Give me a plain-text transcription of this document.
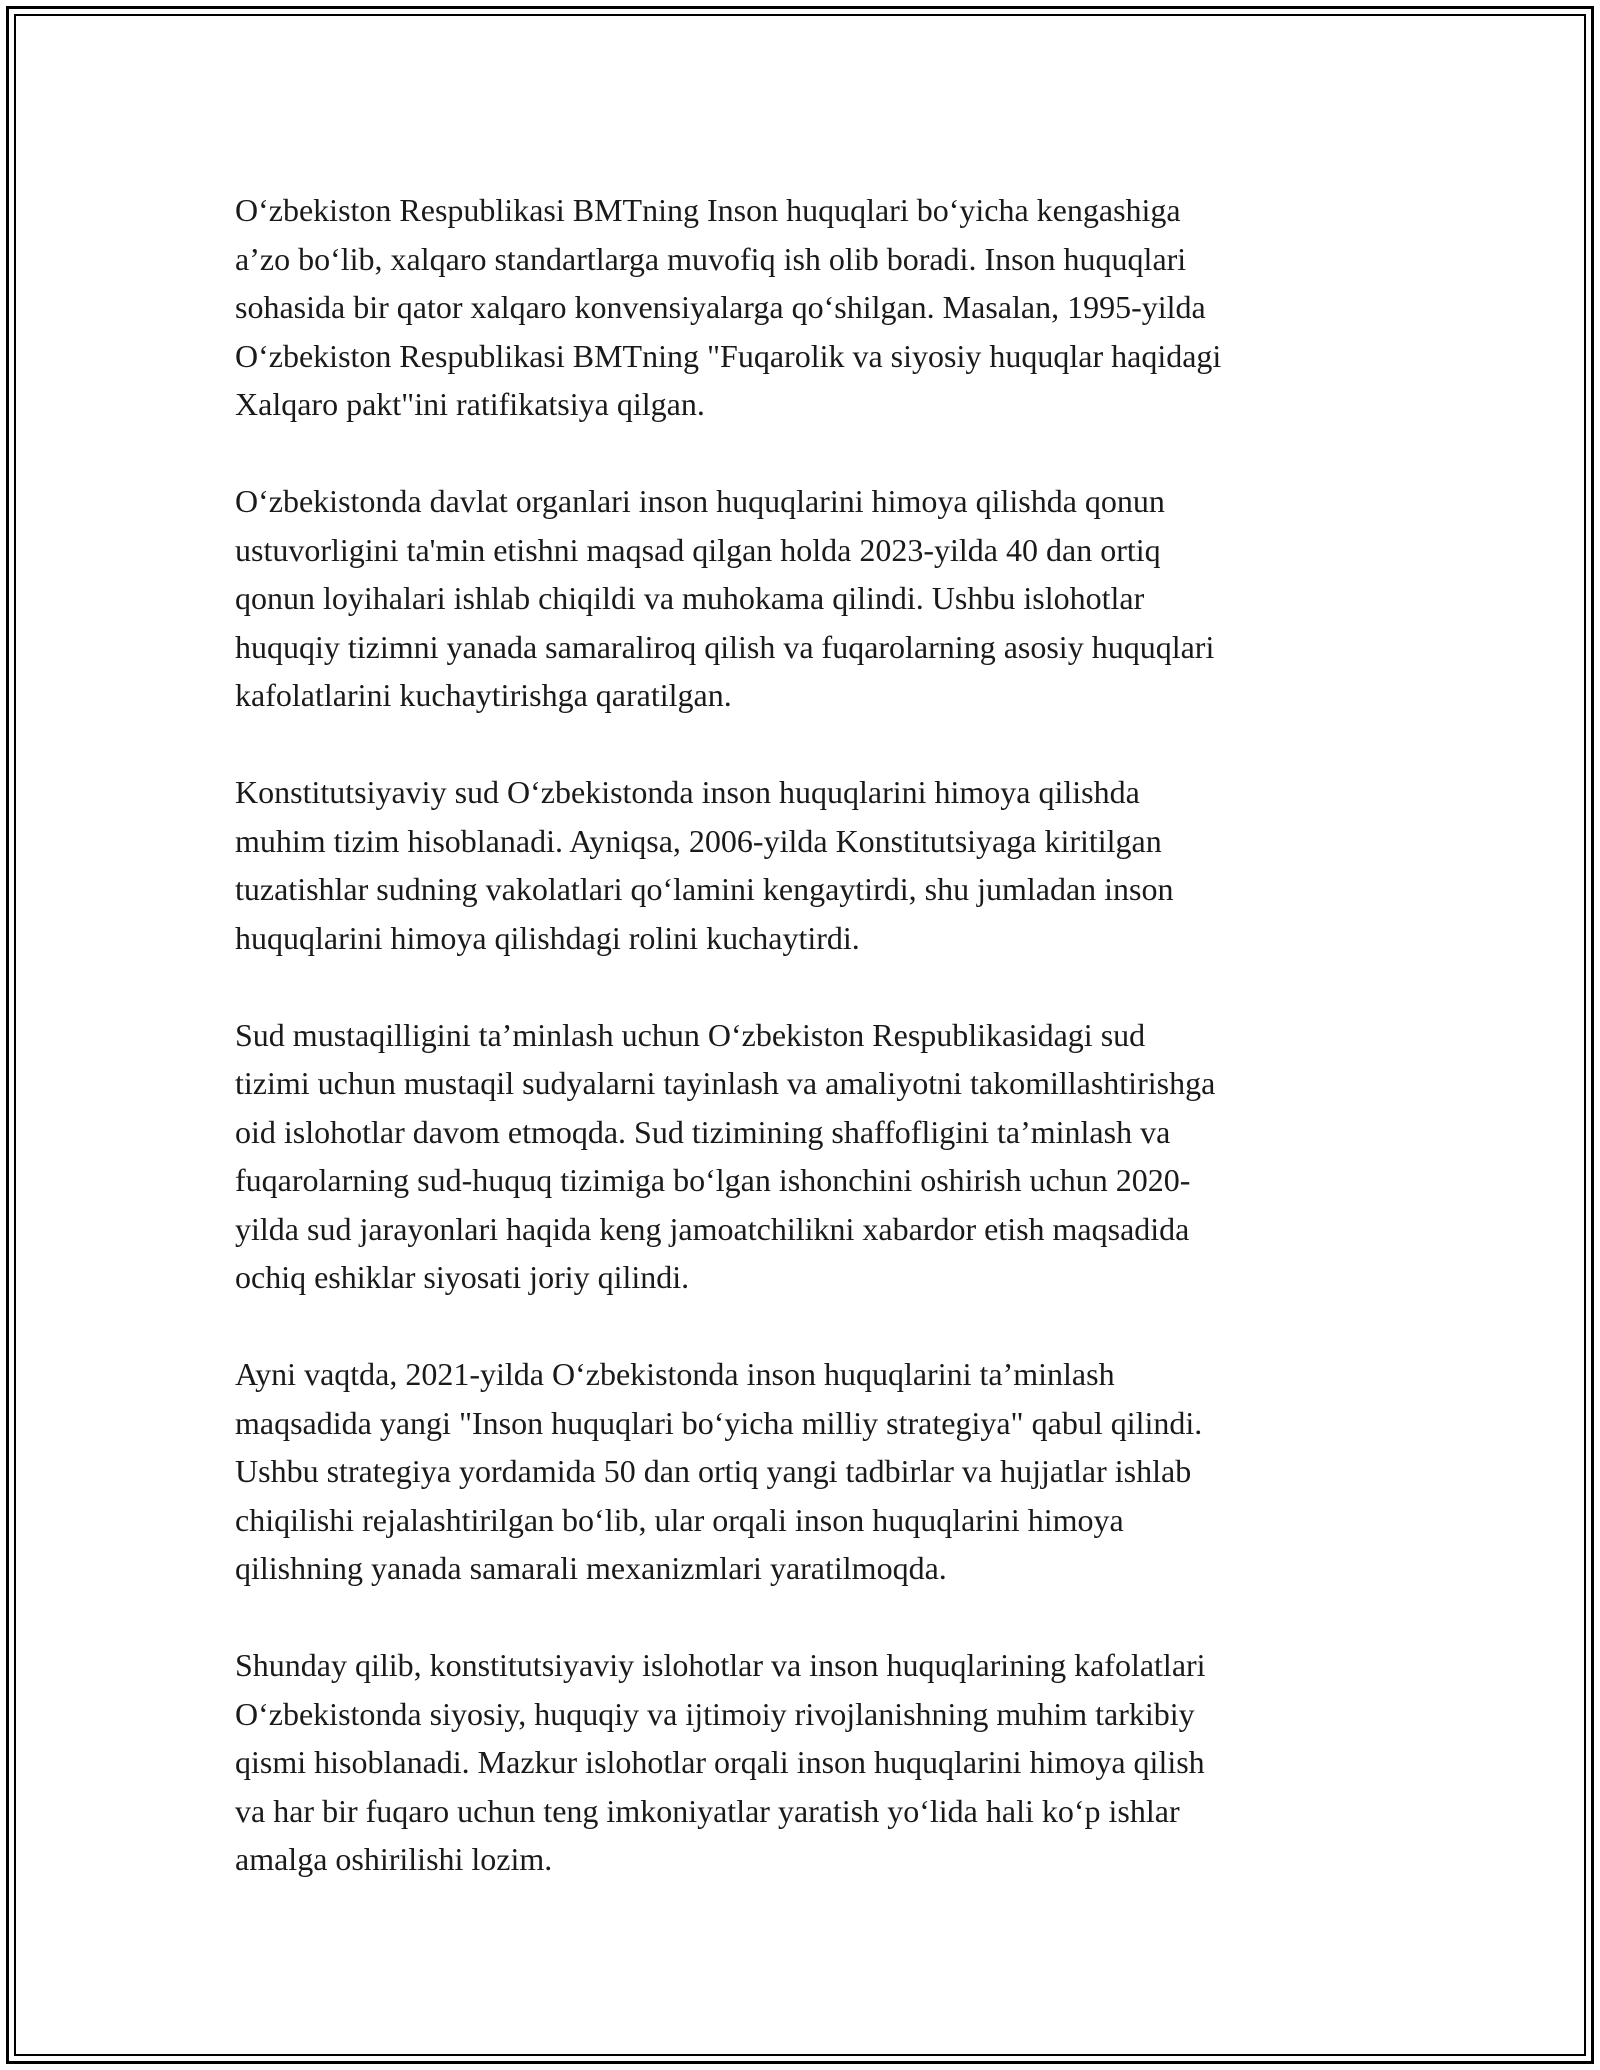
O‘zbekiston Respublikasi BMTning Inson huquqlari bo‘yicha kengashiga
a’zo bo‘lib, xalqaro standartlarga muvofiq ish olib boradi. Inson huquqlari
sohasida bir qator xalqaro konvensiyalarga qo‘shilgan. Masalan, 1995-yilda
O‘zbekiston Respublikasi BMTning "Fuqarolik va siyosiy huquqlar haqidagi
Xalqaro pakt"ini ratifikatsiya qilgan.

O‘zbekistonda davlat organlari inson huquqlarini himoya qilishda qonun
ustuvorligini ta'min etishni maqsad qilgan holda 2023-yilda 40 dan ortiq
qonun loyihalari ishlab chiqildi va muhokama qilindi. Ushbu islohotlar
huquqiy tizimni yanada samaraliroq qilish va fuqarolarning asosiy huquqlari
kafolatlarini kuchaytirishga qaratilgan.

Konstitutsiyaviy sud O‘zbekistonda inson huquqlarini himoya qilishda
muhim tizim hisoblanadi. Ayniqsa, 2006-yilda Konstitutsiyaga kiritilgan
tuzatishlar sudning vakolatlari qo‘lamini kengaytirdi, shu jumladan inson
huquqlarini himoya qilishdagi rolini kuchaytirdi.

Sud mustaqilligini ta’minlash uchun O‘zbekiston Respublikasidagi sud
tizimi uchun mustaqil sudyalarni tayinlash va amaliyotni takomillashtirishga
oid islohotlar davom etmoqda. Sud tizimining shaffofligini ta’minlash va
fuqarolarning sud-huquq tizimiga bo‘lgan ishonchini oshirish uchun 2020-
yilda sud jarayonlari haqida keng jamoatchilikni xabardor etish maqsadida
ochiq eshiklar siyosati joriy qilindi.

Ayni vaqtda, 2021-yilda O‘zbekistonda inson huquqlarini ta’minlash
maqsadida yangi "Inson huquqlari bo‘yicha milliy strategiya" qabul qilindi.
Ushbu strategiya yordamida 50 dan ortiq yangi tadbirlar va hujjatlar ishlab
chiqilishi rejalashtirilgan bo‘lib, ular orqali inson huquqlarini himoya
qilishning yanada samarali mexanizmlari yaratilmoqda.

Shunday qilib, konstitutsiyaviy islohotlar va inson huquqlarining kafolatlari
O‘zbekistonda siyosiy, huquqiy va ijtimoiy rivojlanishning muhim tarkibiy
qismi hisoblanadi. Mazkur islohotlar orqali inson huquqlarini himoya qilish
va har bir fuqaro uchun teng imkoniyatlar yaratish yo‘lida hali ko‘p ishlar
amalga oshirilishi lozim.
